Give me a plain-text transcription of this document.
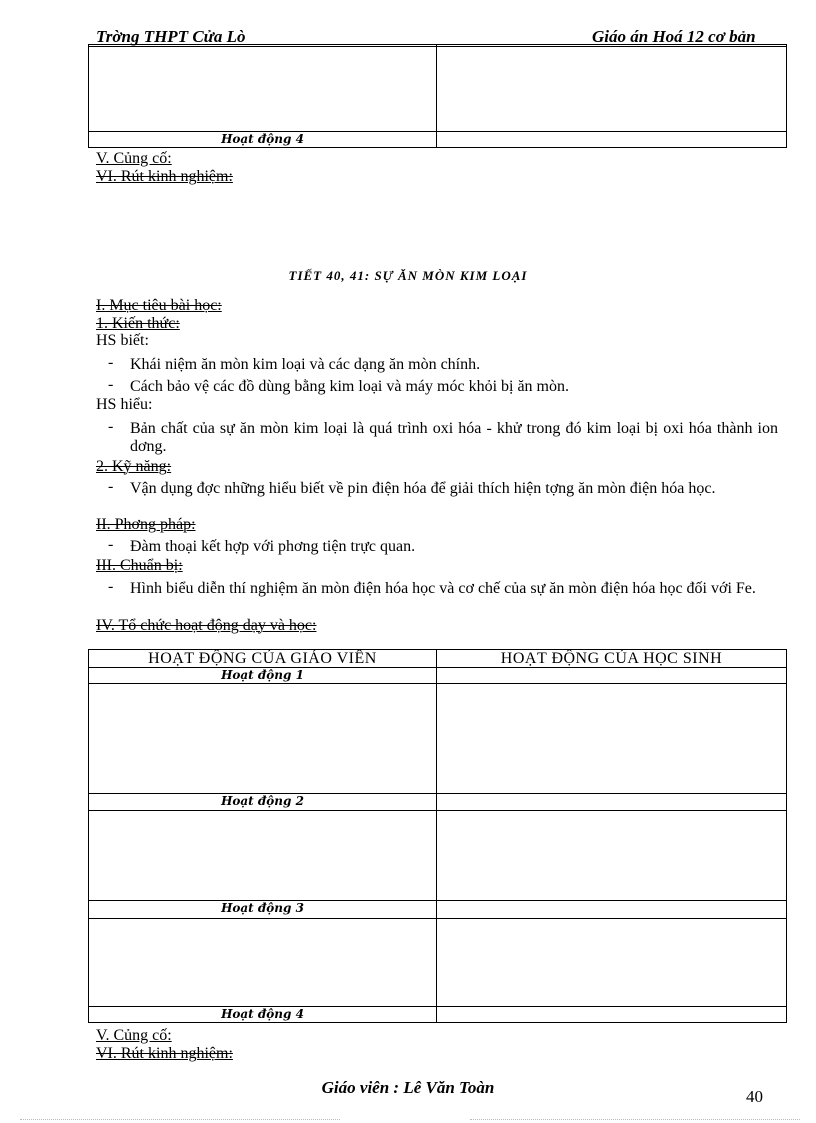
Trờng THPT Cửa Lò	Giáo án Hoá 12 cơ bản

Hoạt động 4	
V. Củng cố:
VI. Rút kinh nghiệm:
TIẾT 40, 41: SỰ ĂN MÒN KIM LOẠI
I. Mục tiêu bài học:
1. Kiến thức:
HS biết:
- Khái niệm ăn mòn kim loại và các dạng ăn mòn chính.
- Cách bảo vệ các đồ dùng bằng kim loại và máy móc khỏi bị ăn mòn.
HS hiểu:
- Bản chất của sự ăn mòn kim loại là quá trình oxi hóa - khử trong đó kim loại bị oxi hóa thành ion dơng.
2. Kỹ năng:
- Vận dụng đợc những hiểu biết về pin điện hóa để giải thích hiện tợng ăn mòn điện hóa học.
II. Phơng pháp:
- Đàm thoại kết hợp với phơng tiện trực quan.
III. Chuẩn bị:
- Hình biểu diễn thí nghiệm ăn mòn điện hóa học và cơ chế của sự ăn mòn điện hóa học đối với Fe.
IV. Tổ chức hoạt động dạy và học:
HOẠT ĐỘNG CỦA GIÁO VIÊN	HOẠT ĐỘNG CỦA HỌC SINH
Hoạt động 1	

Hoạt động 2	

Hoạt động 3	

Hoạt động 4	
V. Củng cố:
VI. Rút kinh nghiệm:
Giáo viên : Lê Văn Toàn	40
